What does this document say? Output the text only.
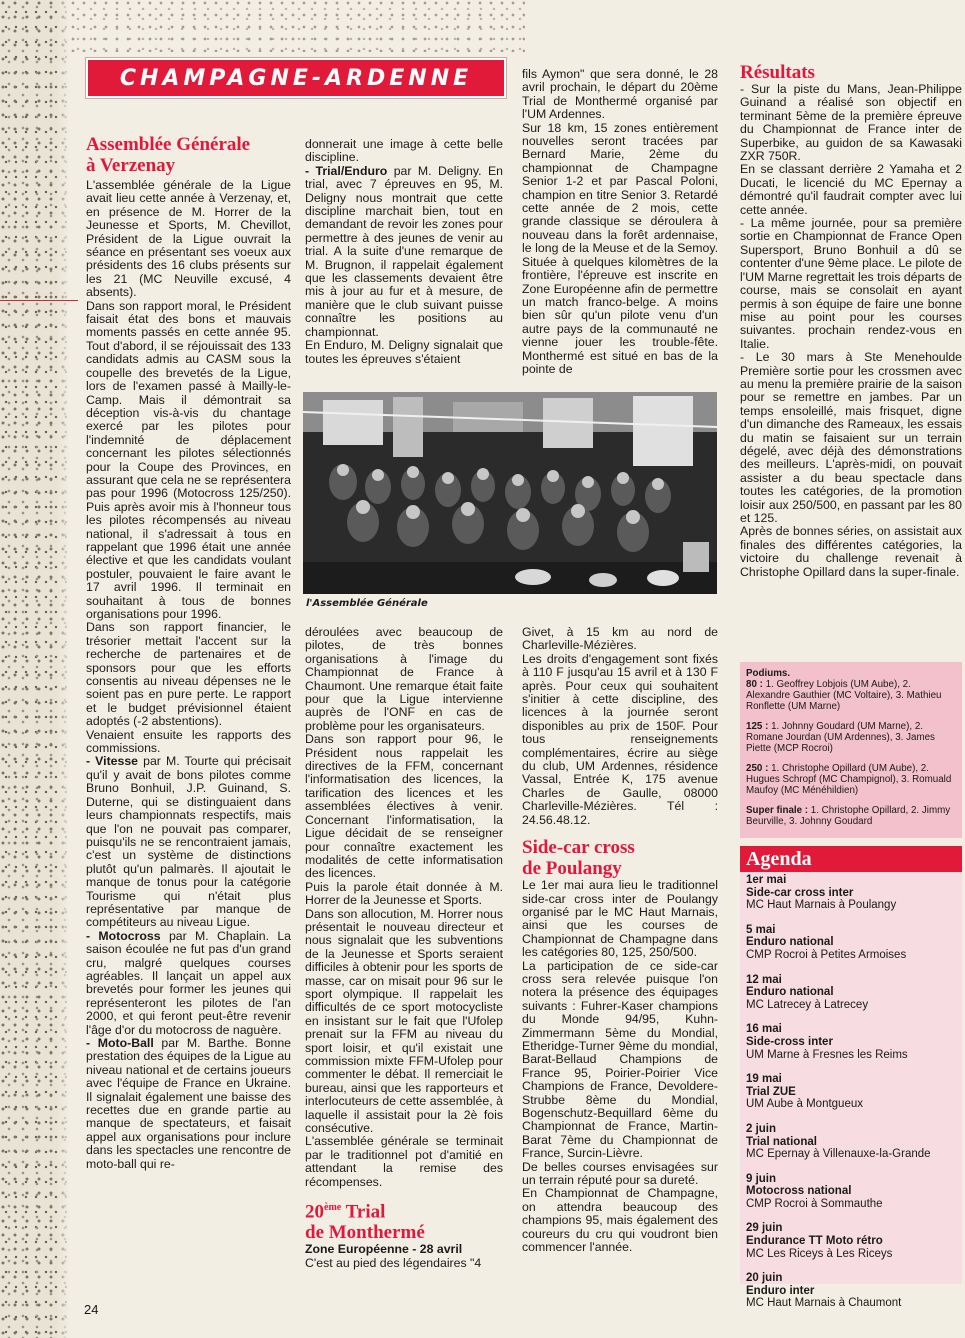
CHAMPAGNE-ARDENNE
Assemblée Générale
à Verzenay

L'assemblée générale de la Ligue avait lieu cette année à Verzenay, et, en présence de M. Horrer de la Jeunesse et Sports, M. Chevillot, Président de la Ligue ouvrait la séance en présentant ses voeux aux présidents des 16 clubs présents sur les 21 (MC Neuville excusé, 4 absents).

Dans son rapport moral, le Président faisait état des bons et mauvais moments passés en cette année 95. Tout d'abord, il se réjouissait des 133 candidats admis au CASM sous la coupelle des brevetés de la Ligue, lors de l'examen passé à Mailly-le-Camp. Mais il démontrait sa déception vis-à-vis du chantage exercé par les pilotes pour l'indemnité de déplacement concernant les pilotes sélectionnés pour la Coupe des Provinces, en assurant que cela ne se représentera pas pour 1996 (Motocross 125/250). Puis après avoir mis à l'honneur tous les pilotes récompensés au niveau national, il s'adressait à tous en rappelant que 1996 était une année élective et que les candidats voulant postuler, pouvaient le faire avant le 17 avril 1996. Il terminait en souhaitant à tous de bonnes organisations pour 1996.

Dans son rapport financier, le trésorier mettait l'accent sur la recherche de partenaires et de sponsors pour que les efforts consentis au niveau dépenses ne le soient pas en pure perte. Le rapport et le budget prévisionnel étaient adoptés (-2 abstentions).

Venaient ensuite les rapports des commissions.

- Vitesse par M. Tourte qui précisait qu'il y avait de bons pilotes comme Bruno Bonhuil, J.P. Guinand, S. Duterne, qui se distinguaient dans leurs championnats respectifs, mais que l'on ne pouvait pas comparer, puisqu'ils ne se rencontraient jamais, c'est un système de distinctions plutôt qu'un palmarès. Il ajoutait le manque de tonus pour la catégorie Tourisme qui n'était plus représentative par manque de compétiteurs au niveau Ligue.

- Motocross par M. Chaplain. La saison écoulée ne fut pas d'un grand cru, malgré quelques courses agréables. Il lançait un appel aux brevetés pour former les jeunes qui représenteront les pilotes de l'an 2000, et qui feront peut-être revenir l'âge d'or du motocross de naguère.

- Moto-Ball par M. Barthe. Bonne prestation des équipes de la Ligue au niveau national et de certains joueurs avec l'équipe de France en Ukraine. Il signalait également une baisse des recettes due en grande partie au manque de spectateurs, et faisait appel aux organisations pour inclure dans les spectacles une rencontre de moto-ball qui re-

donnerait une image à cette belle discipline.

- Trial/Enduro par M. Deligny. En trial, avec 7 épreuves en 95, M. Deligny nous montrait que cette discipline marchait bien, tout en demandant de revoir les zones pour permettre à des jeunes de venir au trial. A la suite d'une remarque de M. Brugnon, il rappelait également que les classements devaient être mis à jour au fur et à mesure, de manière que le club suivant puisse connaître les positions au championnat.

En Enduro, M. Deligny signalait que toutes les épreuves s'étaient

fils Aymon" que sera donné, le 28 avril prochain, le départ du 20ème Trial de Monthermé organisé par l'UM Ardennes.

Sur 18 km, 15 zones entièrement nouvelles seront tracées par Bernard Marie, 2ème du championnat de Champagne Senior 1-2 et par Pascal Poloni, champion en titre Senior 3. Retardé cette année de 2 mois, cette grande classique se déroulera à nouveau dans la forêt ardennaise, le long de la Meuse et de la Semoy. Située à quelques kilomètres de la frontière, l'épreuve est inscrite en Zone Européenne afin de permettre un match franco-belge. A moins bien sûr qu'un pilote venu d'un autre pays de la communauté ne vienne jouer les trouble-fête. Monthermé est situé en bas de la pointe de

l'Assemblée Générale

déroulées avec beaucoup de pilotes, de très bonnes organisations à l'image du Championnat de France à Chaumont. Une remarque était faite pour que la Ligue intervienne auprès de l'ONF en cas de problème pour les organisateurs.

Dans son rapport pour 96, le Président nous rappelait les directives de la FFM, concernant l'informatisation des licences, la tarification des licences et les assemblées électives à venir. Concernant l'informatisation, la Ligue décidait de se renseigner pour connaître exactement les modalités de cette informatisation des licences.

Puis la parole était donnée à M. Horrer de la Jeunesse et Sports.

Dans son allocution, M. Horrer nous présentait le nouveau directeur et nous signalait que les subventions de la Jeunesse et Sports seraient difficiles à obtenir pour les sports de masse, car on misait pour 96 sur le sport olympique. Il rappelait les difficultés de ce sport motocycliste en insistant sur le fait que l'Ufolep prenait sur la FFM au niveau du sport loisir, et qu'il existait une commission mixte FFM-Ufolep pour commenter le débat. Il remerciait le bureau, ainsi que les rapporteurs et interlocuteurs de cette assemblée, à laquelle il assistait pour la 2è fois consécutive.

L'assemblée générale se terminait par le traditionnel pot d'amitié en attendant la remise des récompenses.

20ème Trial
de Monthermé

Zone Européenne - 28 avril

C'est au pied des légendaires "4

Givet, à 15 km au nord de Charleville-Mézières.

Les droits d'engagement sont fixés à 110 F jusqu'au 15 avril et à 130 F après. Pour ceux qui souhaitent s'initier à cette discipline, des licences à la journée seront disponibles au prix de 150F. Pour tous renseignements complémentaires, écrire au siège du club, UM Ardennes, résidence Vassal, Entrée K, 175 avenue Charles de Gaulle, 08000 Charleville-Mézières. Tél : 24.56.48.12.

Side-car cross
de Poulangy

Le 1er mai aura lieu le traditionnel side-car cross inter de Poulangy organisé par le MC Haut Marnais, ainsi que les courses de Championnat de Champagne dans les catégories 80, 125, 250/500.

La participation de ce side-car cross sera relevée puisque l'on notera la présence des équipages suivants : Fuhrer-Kaser champions du Monde 94/95, Kuhn-Zimmermann 5ème du Mondial, Etheridge-Turner 9ème du mondial, Barat-Bellaud Champions de France 95, Poirier-Poirier Vice Champions de France, Devoldere-Strubbe 8ème du Mondial, Bogenschutz-Bequillard 6ème du Championnat de France, Martin-Barat 7ème du Championnat de France, Surcin-Lièvre.

De belles courses envisagées sur un terrain réputé pour sa dureté.

En Championnat de Champagne, on attendra beaucoup des champions 95, mais également des coureurs du cru qui voudront bien commencer l'année.

Résultats

- Sur la piste du Mans, Jean-Philippe Guinand a réalisé son objectif en terminant 5ème de la première épreuve du Championnat de France inter de Superbike, au guidon de sa Kawasaki ZXR 750R.

En se classant derrière 2 Yamaha et 2 Ducati, le licencié du MC Epernay a démontré qu'il faudrait compter avec lui cette année.

- La même journée, pour sa première sortie en Championnat de France Open Supersport, Bruno Bonhuil a dû se contenter d'une 9ème place. Le pilote de l'UM Marne regrettait les trois départs de course, mais se consolait en ayant permis à son équipe de faire une bonne mise au point pour les courses suivantes. prochain rendez-vous en Italie.

- Le 30 mars à Ste Menehoulde Première sortie pour les crossmen avec au menu la première prairie de la saison pour se remettre en jambes. Par un temps ensoleillé, mais frisquet, digne d'un dimanche des Rameaux, les essais du matin se faisaient sur un terrain dégelé, avec déjà des démonstrations des meilleurs. L'après-midi, on pouvait assister a du beau spectacle dans toutes les catégories, de la promotion loisir aux 250/500, en passant par les 80 et 125.

Après de bonnes séries, on assistait aux finales des différentes catégories, la victoire du challenge revenait à Christophe Opillard dans la super-finale.

Podiums.

80 : 1. Geoffrey Lobjois (UM Aube), 2. Alexandre Gauthier (MC Voltaire), 3. Mathieu Ronflette (UM Marne)

125 : 1. Johnny Goudard (UM Marne), 2. Romane Jourdan (UM Ardennes), 3. James Piette (MCP Rocroi)

250 : 1. Christophe Opillard (UM Aube), 2. Hugues Schropf (MC Champignol), 3. Romuald Maufoy (MC Ménéhildien)

Super finale : 1. Christophe Opillard, 2. Jimmy Beurville, 3. Johnny Goudard

Agenda
1er mai
Side-car cross inter
MC Haut Marnais à Poulangy
5 mai
Enduro national
CMP Rocroi à Petites Armoises
12 mai
Enduro national
MC Latrecey à Latrecey
16 mai
Side-cross inter
UM Marne à Fresnes les Reims
19 mai
Trial ZUE
UM Aube à Montgueux
2 juin
Trial national
MC Epernay à Villenauxe-la-Grande
9 juin
Motocross national
CMP Rocroi à Sommauthe
29 juin
Endurance TT Moto rétro
MC Les Riceys à Les Riceys
20 juin
Enduro inter
MC Haut Marnais à Chaumont
24
